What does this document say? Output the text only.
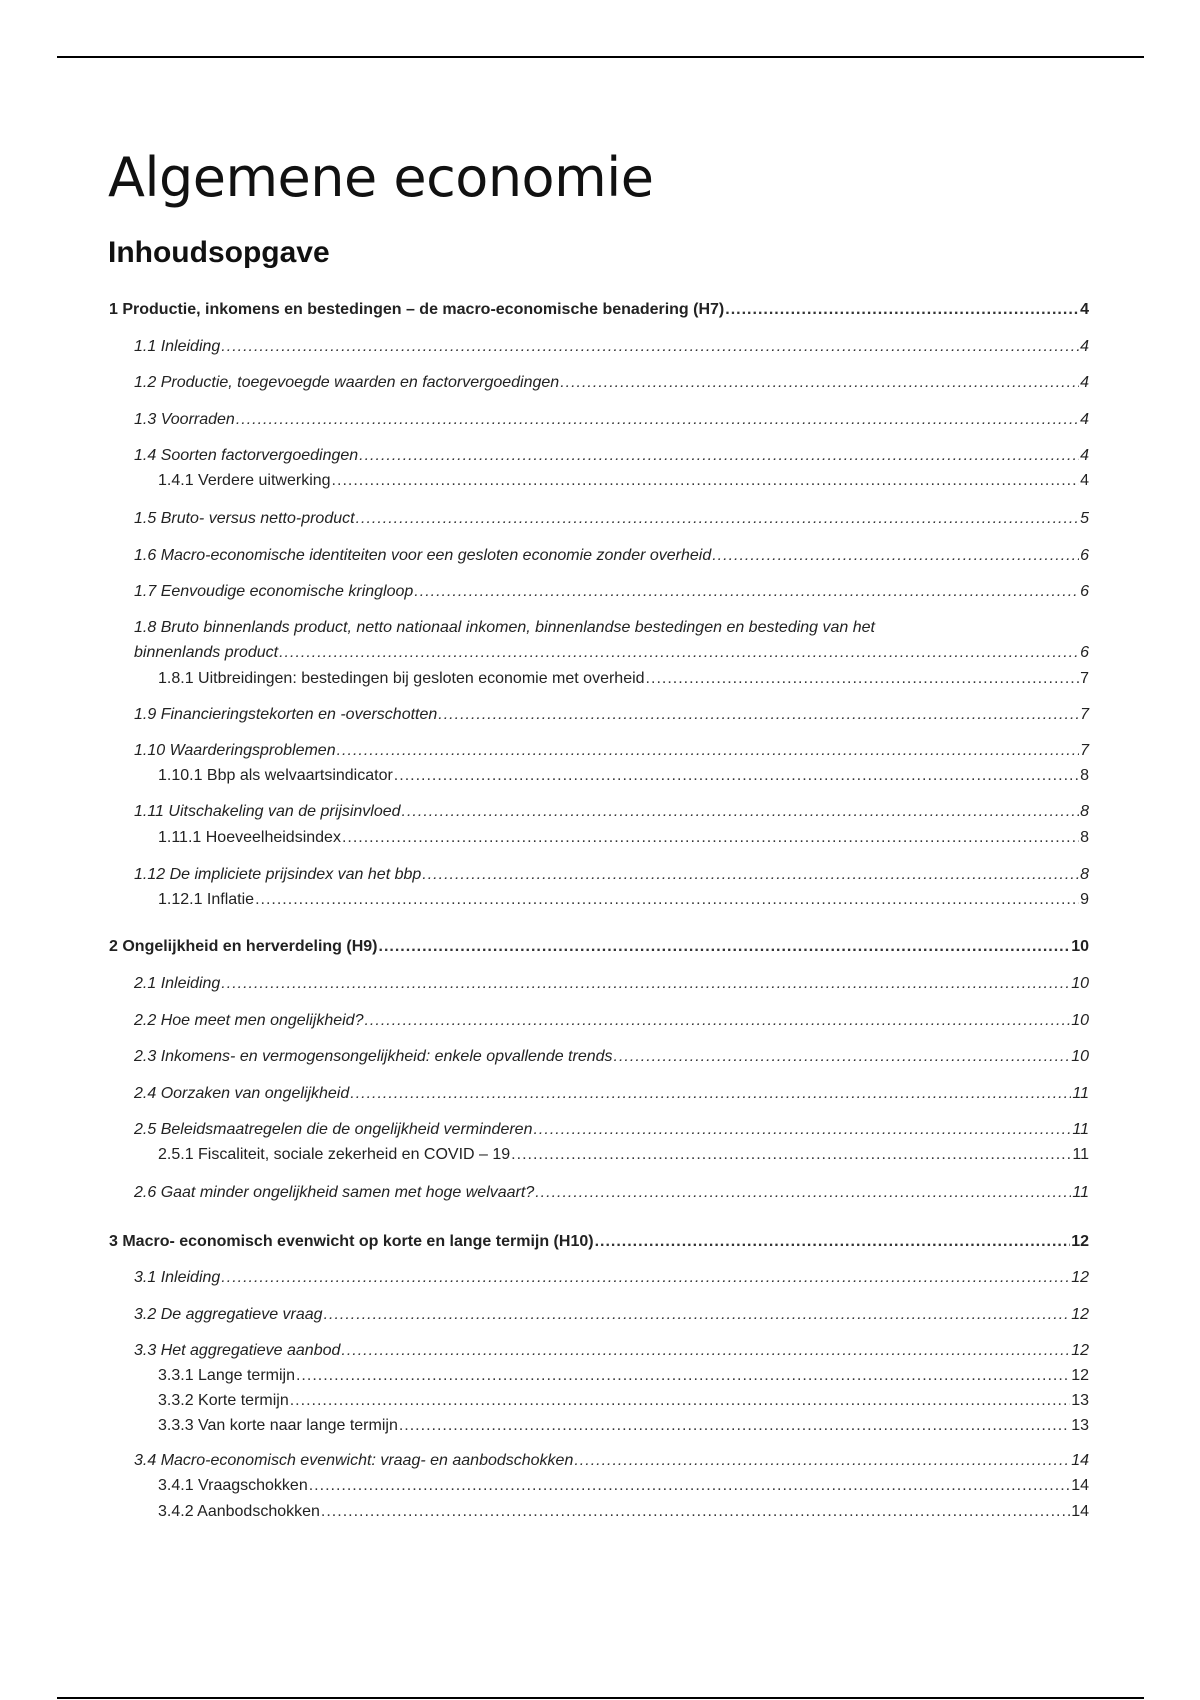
Algemene economie
Inhoudsopgave
1 Productie, inkomens en bestedingen – de macro-economische benadering (H7) .....	4
1.1 Inleiding .....	4
1.2 Productie, toegevoegde waarden en factorvergoedingen .....	4
1.3 Voorraden .....	4
1.4 Soorten factorvergoedingen .....	4
1.4.1 Verdere uitwerking .....	4
1.5 Bruto- versus netto-product .....	5
1.6 Macro-economische identiteiten voor een gesloten economie zonder overheid .....	6
1.7 Eenvoudige economische kringloop .....	6
1.8 Bruto binnenlands product, netto nationaal inkomen, binnenlandse bestedingen en besteding van het
binnenlands product .....	6
1.8.1 Uitbreidingen: bestedingen bij gesloten economie met overheid .....	7
1.9 Financieringstekorten en -overschotten .....	7
1.10 Waarderingsproblemen .....	7
1.10.1 Bbp als welvaartsindicator .....	8
1.11 Uitschakeling van de prijsinvloed .....	8
1.11.1 Hoeveelheidsindex .....	8
1.12 De impliciete prijsindex van het bbp .....	8
1.12.1 Inflatie .....	9
2 Ongelijkheid en herverdeling (H9) .....	10
2.1 Inleiding .....	10
2.2 Hoe meet men ongelijkheid? .....	10
2.3 Inkomens- en vermogensongelijkheid: enkele opvallende trends .....	10
2.4 Oorzaken van ongelijkheid .....	11
2.5 Beleidsmaatregelen die de ongelijkheid verminderen .....	11
2.5.1 Fiscaliteit, sociale zekerheid en COVID – 19 .....	11
2.6 Gaat minder ongelijkheid samen met hoge welvaart? .....	11
3 Macro- economisch evenwicht op korte en lange termijn (H10) .....	12
3.1 Inleiding .....	12
3.2 De aggregatieve vraag .....	12
3.3 Het aggregatieve aanbod .....	12
3.3.1 Lange termijn .....	12
3.3.2 Korte termijn .....	13
3.3.3 Van korte naar lange termijn .....	13
3.4 Macro-economisch evenwicht: vraag- en aanbodschokken .....	14
3.4.1 Vraagschokken .....	14
3.4.2 Aanbodschokken .....	14
